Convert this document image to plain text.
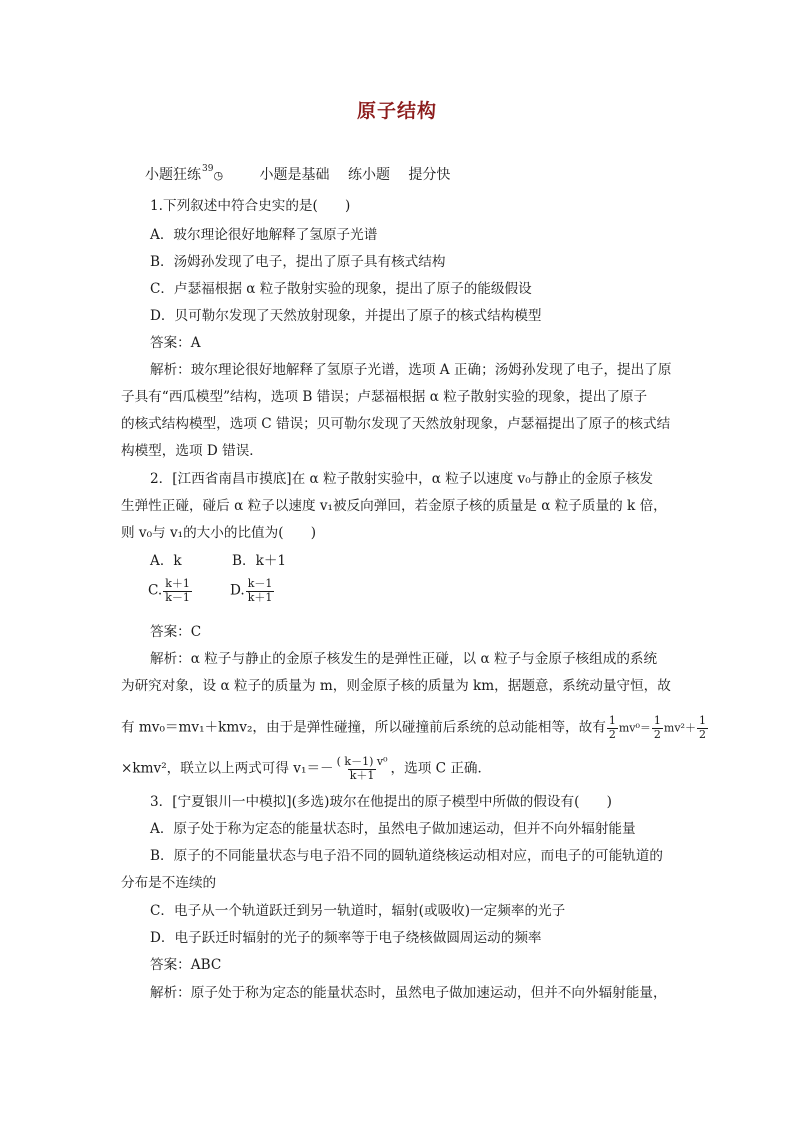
原子结构
小题狂练$^{39}$◷	小题是基础 练小题 提分快
1.下列叙述中符合史实的是(　　)
A．玻尔理论很好地解释了氢原子光谱
B．汤姆孙发现了电子，提出了原子具有核式结构
C．卢瑟福根据 α 粒子散射实验的现象，提出了原子的能级假设
D．贝可勒尔发现了天然放射现象，并提出了原子的核式结构模型
答案：A
解析：玻尔理论很好地解释了氢原子光谱，选项 A 正确；汤姆孙发现了电子，提出了原
子具有“西瓜模型”结构，选项 B 错误；卢瑟福根据 α 粒子散射实验的现象，提出了原子
的核式结构模型，选项 C 错误；贝可勒尔发现了天然放射现象，卢瑟福提出了原子的核式结
构模型，选项 D 错误．
2．[江西省南昌市摸底]在 α 粒子散射实验中，α 粒子以速度 v₀与静止的金原子核发
生弹性正碰，碰后 α 粒子以速度 v₁被反向弹回，若金原子核的质量是 α 粒子质量的 k 倍，
则 v₀与 v₁的大小的比值为(　　)
A．k	B．k＋1
C. $\frac{k+1}{k-1}$	D. $\frac{k-1}{k+1}$
答案：C
解析：α 粒子与静止的金原子核发生的是弹性正碰，以 α 粒子与金原子核组成的系统
为研究对象，设 α 粒子的质量为 m，则金原子核的质量为 km，据题意，系统动量守恒，故
有 mv₀＝mv₁＋kmv₂，由于是弹性碰撞，所以碰撞前后系统的总动能相等，故有 $\frac{1}{2} mv^0= \frac{1}{2} mv^2+ \frac{1}{2}$
×kmv²，联立以上两式可得 $v_1=- \frac{\text{( k－1) v⁰}}{k+1}$ ，选项 C 正确．
3．[宁夏银川一中模拟](多选)玻尔在他提出的原子模型中所做的假设有(　　)
A．原子处于称为定态的能量状态时，虽然电子做加速运动，但并不向外辐射能量
B．原子的不同能量状态与电子沿不同的圆轨道绕核运动相对应，而电子的可能轨道的
分布是不连续的
C．电子从一个轨道跃迁到另一轨道时，辐射(或吸收)一定频率的光子
D．电子跃迁时辐射的光子的频率等于电子绕核做圆周运动的频率
答案：ABC
解析：原子处于称为定态的能量状态时，虽然电子做加速运动，但并不向外辐射能量，
